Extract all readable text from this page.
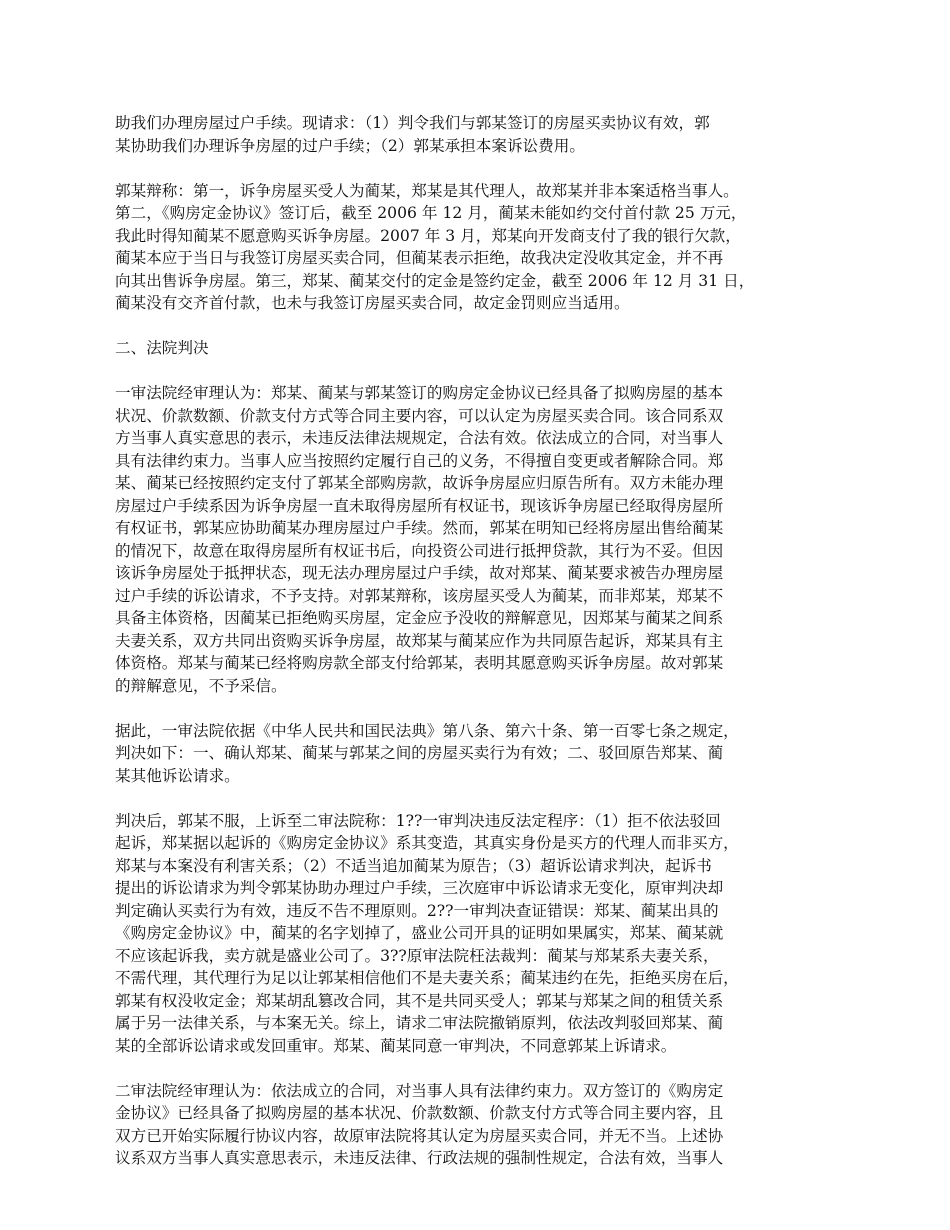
助我们办理房屋过户手续。现请求：（1）判令我们与郭某签订的房屋买卖协议有效，郭
某协助我们办理诉争房屋的过户手续；（2）郭某承担本案诉讼费用。

郭某辩称：第一，诉争房屋买受人为蔺某，郑某是其代理人，故郑某并非本案适格当事人。
第二，《购房定金协议》签订后，截至 2006 年 12 月，蔺某未能如约交付首付款 25 万元，
我此时得知蔺某不愿意购买诉争房屋。2007 年 3 月，郑某向开发商支付了我的银行欠款，
蔺某本应于当日与我签订房屋买卖合同，但蔺某表示拒绝，故我决定没收其定金，并不再
向其出售诉争房屋。第三，郑某、蔺某交付的定金是签约定金，截至 2006 年 12 月 31 日，
蔺某没有交齐首付款，也未与我签订房屋买卖合同，故定金罚则应当适用。

二、法院判决

一审法院经审理认为：郑某、蔺某与郭某签订的购房定金协议已经具备了拟购房屋的基本
状况、价款数额、价款支付方式等合同主要内容，可以认定为房屋买卖合同。该合同系双
方当事人真实意思的表示，未违反法律法规规定，合法有效。依法成立的合同，对当事人
具有法律约束力。当事人应当按照约定履行自己的义务，不得擅自变更或者解除合同。郑
某、蔺某已经按照约定支付了郭某全部购房款，故诉争房屋应归原告所有。双方未能办理
房屋过户手续系因为诉争房屋一直未取得房屋所有权证书，现该诉争房屋已经取得房屋所
有权证书，郭某应协助蔺某办理房屋过户手续。然而，郭某在明知已经将房屋出售给蔺某
的情况下，故意在取得房屋所有权证书后，向投资公司进行抵押贷款，其行为不妥。但因
该诉争房屋处于抵押状态，现无法办理房屋过户手续，故对郑某、蔺某要求被告办理房屋
过户手续的诉讼请求，不予支持。对郭某辩称，该房屋买受人为蔺某，而非郑某，郑某不
具备主体资格，因蔺某已拒绝购买房屋，定金应予没收的辩解意见，因郑某与蔺某之间系
夫妻关系，双方共同出资购买诉争房屋，故郑某与蔺某应作为共同原告起诉，郑某具有主
体资格。郑某与蔺某已经将购房款全部支付给郭某，表明其愿意购买诉争房屋。故对郭某
的辩解意见，不予采信。

据此，一审法院依据《中华人民共和国民法典》第八条、第六十条、第一百零七条之规定，
判决如下：一、确认郑某、蔺某与郭某之间的房屋买卖行为有效；二、驳回原告郑某、蔺
某其他诉讼请求。

判决后，郭某不服，上诉至二审法院称：1??一审判决违反法定程序：（1）拒不依法驳回
起诉，郑某据以起诉的《购房定金协议》系其变造，其真实身份是买方的代理人而非买方，
郑某与本案没有利害关系；（2）不适当追加蔺某为原告；（3）超诉讼请求判决，起诉书
提出的诉讼请求为判令郭某协助办理过户手续，三次庭审中诉讼请求无变化，原审判决却
判定确认买卖行为有效，违反不告不理原则。2??一审判决查证错误：郑某、蔺某出具的
《购房定金协议》中，蔺某的名字划掉了，盛业公司开具的证明如果属实，郑某、蔺某就
不应该起诉我，卖方就是盛业公司了。3??原审法院枉法裁判：蔺某与郑某系夫妻关系，
不需代理，其代理行为足以让郭某相信他们不是夫妻关系；蔺某违约在先，拒绝买房在后，
郭某有权没收定金；郑某胡乱篡改合同，其不是共同买受人；郭某与郑某之间的租赁关系
属于另一法律关系，与本案无关。综上，请求二审法院撤销原判，依法改判驳回郑某、蔺
某的全部诉讼请求或发回重审。郑某、蔺某同意一审判决，不同意郭某上诉请求。

二审法院经审理认为：依法成立的合同，对当事人具有法律约束力。双方签订的《购房定
金协议》已经具备了拟购房屋的基本状况、价款数额、价款支付方式等合同主要内容，且
双方已开始实际履行协议内容，故原审法院将其认定为房屋买卖合同，并无不当。上述协
议系双方当事人真实意思表示，未违反法律、行政法规的强制性规定，合法有效，当事人
